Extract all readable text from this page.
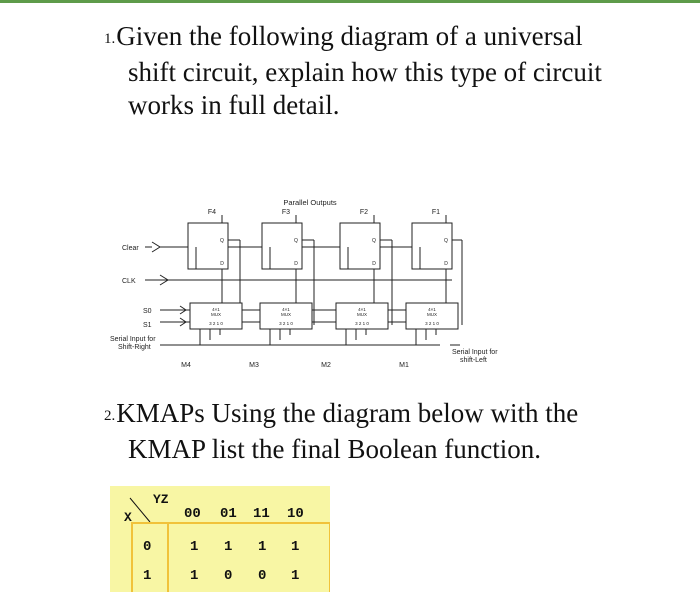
1.Given the following diagram of a universal
shift circuit, explain how this type of circuit
works in full detail.
Parallel Outputs
F4	F3	F2	F1
Q	Q	Q	Q
D	D	D	D
4×1
MUX
3 2 1 0
4×1
MUX
3 2 1 0
4×1
MUX
3 2 1 0
4×1
MUX
3 2 1 0
Clear
CLK
S0
S1
Serial Input for
Shift-Right
Serial Input for
shift-Left
M4	M3	M2	M1
2.KMAPs Using the diagram below with the
KMAP list the final Boolean function.
YZ
X	00 01 11 10
0	1 1 1 1
1	1 0 0 1
